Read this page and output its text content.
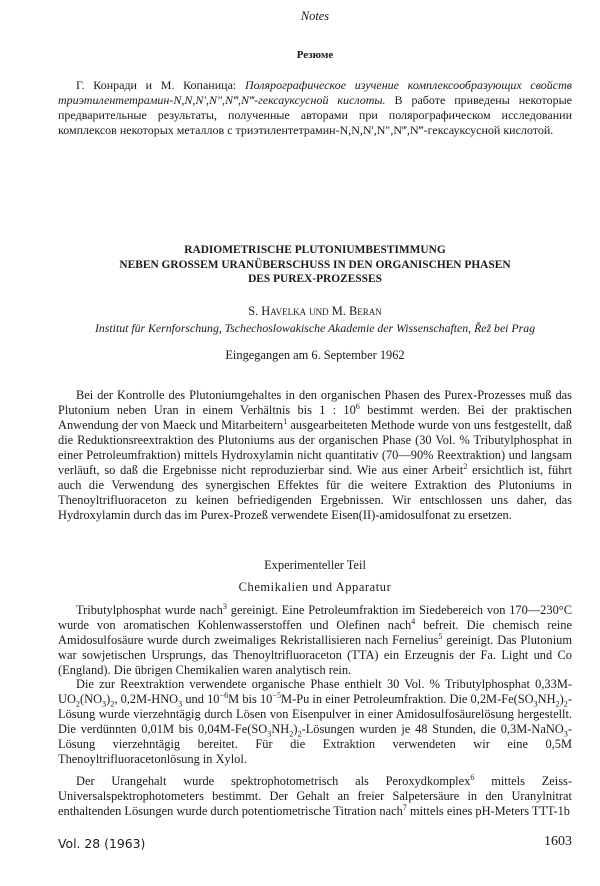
Notes
Резюме
Г. Конради и М. Копаница: Полярографическое изучение комплексообразующих свойств триэтилентетрамин-N,N,N',N",N‴,N‴-гексауксусной кислоты. В работе приведены некоторые предварительные результаты, полученные авторами при полярографическом исследовании комплексов некоторых металлов с триэтилентетрамин-N,N,N',N",N‴,N‴-гексауксусной кислотой.
RADIOMETRISCHE PLUTONIUMBESTIMMUNG
NEBEN GROSSEM URANÜBERSCHUSS IN DEN ORGANISCHEN PHASEN
DES PUREX-PROZESSES
S. Havelka und M. Beran
Institut für Kernforschung, Tschechoslowakische Akademie der Wissenschaften, Řež bei Prag
Eingegangen am 6. September 1962
Bei der Kontrolle des Plutoniumgehaltes in den organischen Phasen des Purex-Prozesses muß das Plutonium neben Uran in einem Verhältnis bis 1 : $10^6$ bestimmt werden. Bei der praktischen Anwendung der von Maeck und Mitarbeitern$^1$ ausgearbeiteten Methode wurde von uns festgestellt, daß die Reduktionsreextraktion des Plutoniums aus der organischen Phase (30 Vol. % Tributylphosphat in einer Petroleumfraktion) mittels Hydroxylamin nicht quantitativ (70—90% Reextraktion) und langsam verläuft, so daß die Ergebnisse nicht reproduzierbar sind. Wie aus einer Arbeit$^2$ ersichtlich ist, führt auch die Verwendung des synergischen Effektes für die weitere Extraktion des Plutoniums in Thenoyltrifluoraceton zu keinen befriedigenden Ergebnissen. Wir entschlossen uns daher, das Hydroxylamin durch das im Purex-Prozeß verwendete Eisen(II)-amidosulfonat zu ersetzen.
Experimenteller Teil
Chemikalien und Apparatur
Tributylphosphat wurde nach$^3$ gereinigt. Eine Petroleumfraktion im Siedebereich von 170—230°C wurde von aromatischen Kohlenwasserstoffen und Olefinen nach$^4$ befreit. Die chemisch reine Amidosulfosäure wurde durch zweimaliges Rekristallisieren nach Fernelius$^5$ gereinigt. Das Plutonium war sowjetischen Ursprungs, das Thenoyltrifluoraceton (TTA) ein Erzeugnis der Fa. Light und Co (England). Die übrigen Chemikalien waren analytisch rein.
Die zur Reextraktion verwendete organische Phase enthielt 30 Vol. % Tributylphosphat $0,33M-UO_2(NO_3)_2$, $0,2M-HNO_3$ und $10^{-6}M$ bis $10^{-5}M-Pu$ in einer Petroleumfraktion. Die $0,2M-Fe(SO_3NH_2)_2$-Lösung wurde vierzehntägig durch Lösen von Eisenpulver in einer Amidosulfosäurelösung hergestellt. Die verdünnten 0,01M bis $0,04M-Fe(SO_3NH_2)_2$-Lösungen wurden je 48 Stunden, die 0,3M-NaNO$_3$-Lösung vierzehntägig bereitet. Für die Extraktion verwendeten wir eine 0,5M Thenoyltrifluoracetonlösung in Xylol.
Der Urangehalt wurde spektrophotometrisch als Peroxydkomplex$^6$ mittels Zeiss-Universalspektrophotometers bestimmt. Der Gehalt an freier Salpetersäure in den Uranylnitrat enthaltenden Lösungen wurde durch potentiometrische Titration nach$^7$ mittels eines pH-Meters TTT-1b
Vol. 28 (1963)	1603
